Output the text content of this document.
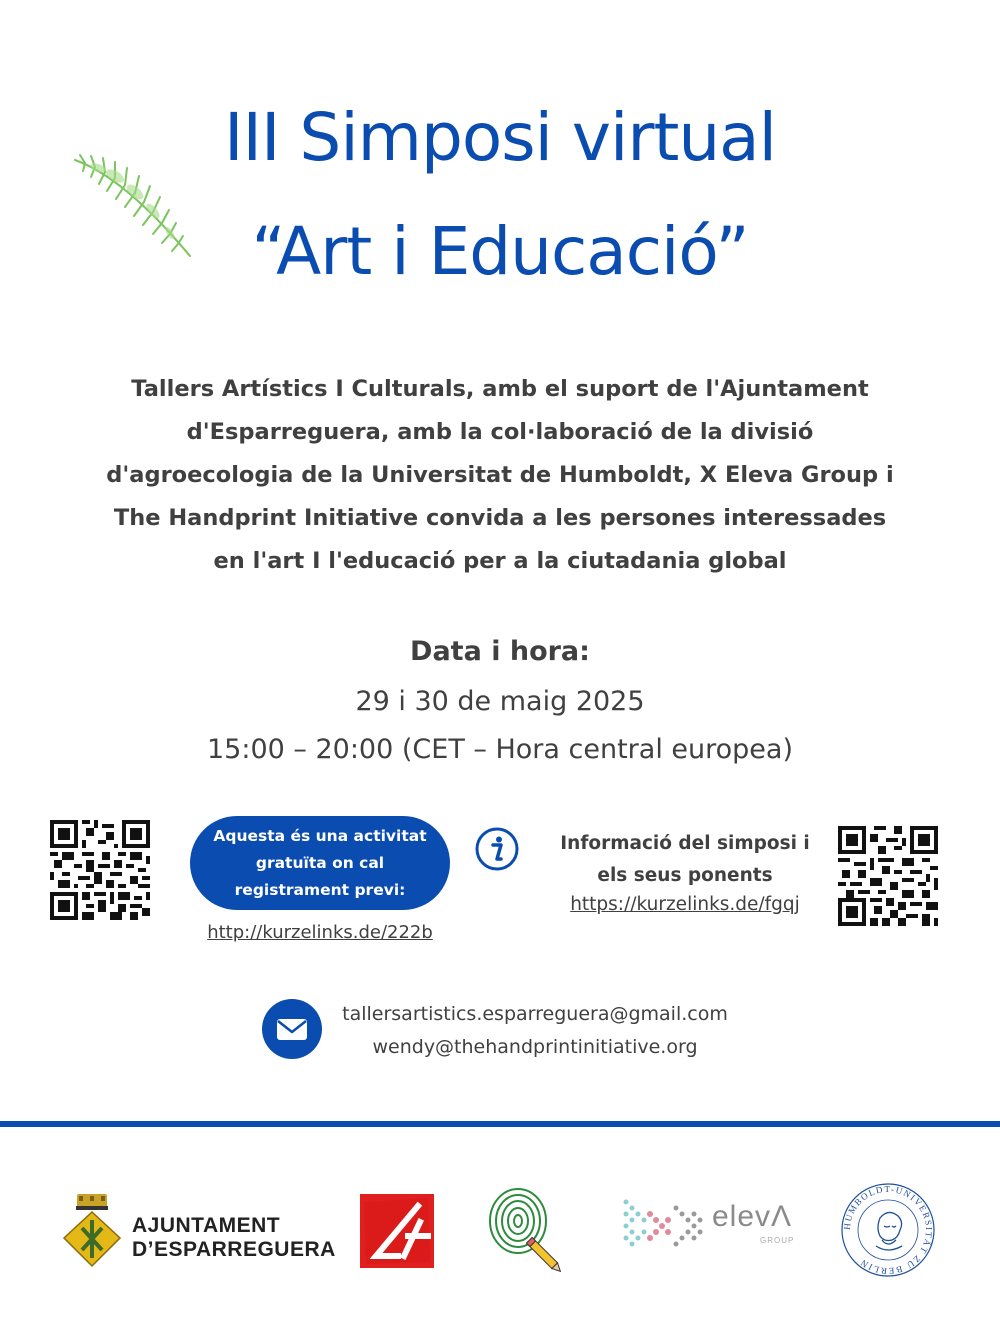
III Simposi virtual
“Art i Educació”
Tallers Artístics I Culturals, amb el suport de l'Ajuntament d'Esparreguera, amb la col·laboració de la divisió d'agroecologia de la Universitat de Humboldt, X Eleva Group i The Handprint Initiative convida a les persones interessades en l'art I l'educació per a la ciutadania global
Data i hora:
29 i 30 de maig 2025
15:00 – 20:00 (CET – Hora central europea)
Aquesta és una activitat gratuïta on cal registrament previ:
http://kurzelinks.de/222b
Informació del simposi i els seus ponents
https://kurzelinks.de/fgqj
tallersartistics.esparreguera@gmail.com
wendy@thehandprintinitiative.org
AJUNTAMENT
D’ESPARREGUERA
elevΛ
GROUP
HUMBOLDT-UNIVERSITÄT ZU BERLIN
